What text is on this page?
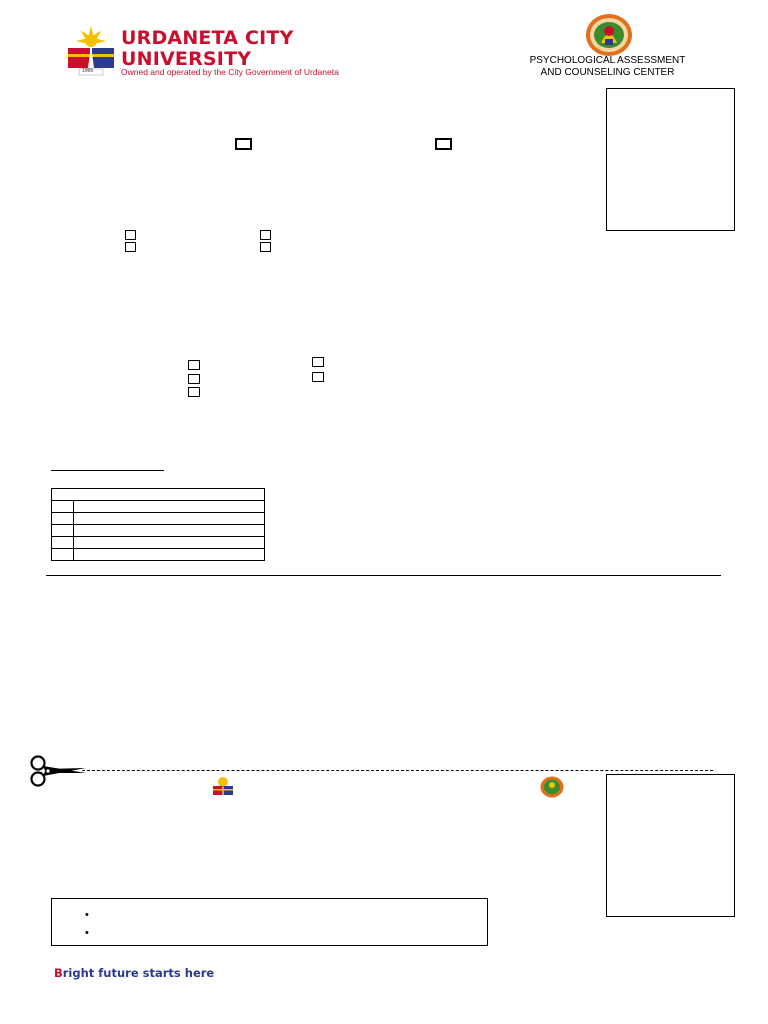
1966
URDANETA CITY
UNIVERSITY
Owned and operated by the City Government of Urdaneta
PSYCHOLOGICAL ASSESSMENT
AND COUNSELING CENTER

•
•
Bright future starts here
